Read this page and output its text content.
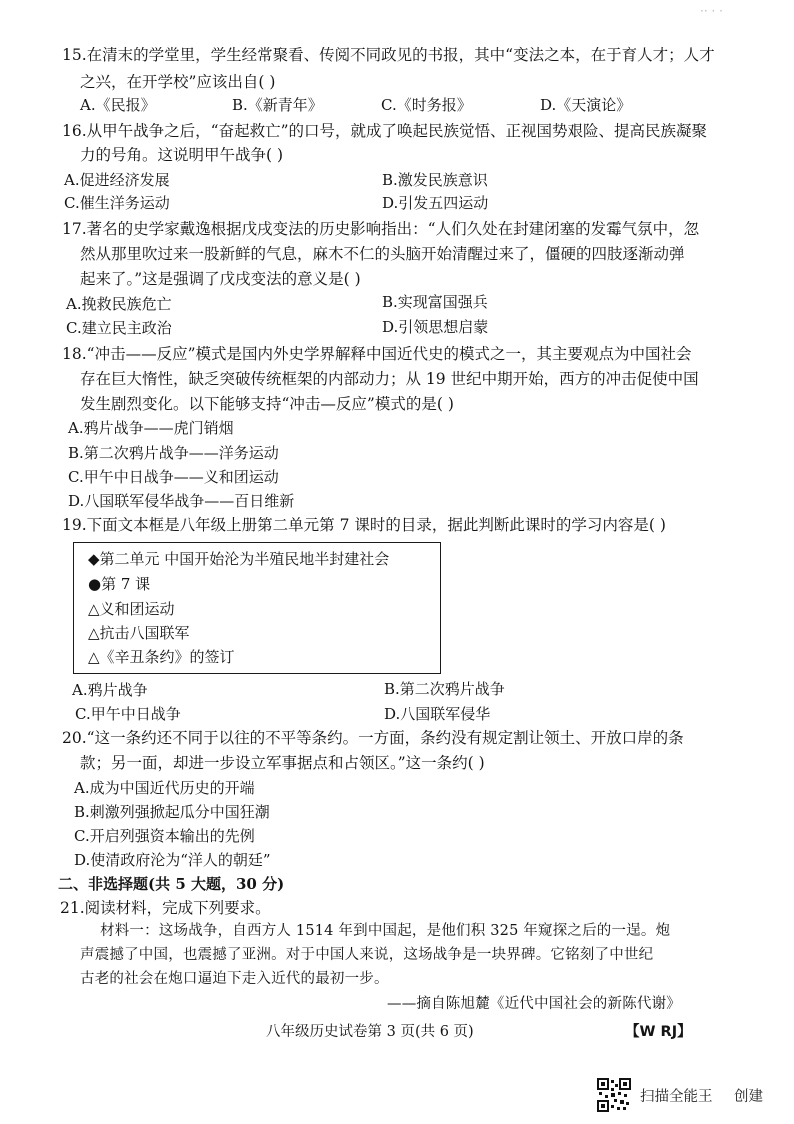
·· · ·
15.在清末的学堂里，学生经常聚看、传阅不同政见的书报，其中“变法之本，在于育人才；人才
之兴，在开学校”应该出自( )
A.《民报》	B.《新青年》	C.《时务报》	D.《天演论》
16.从甲午战争之后，“奋起救亡”的口号，就成了唤起民族觉悟、正视国势艰险、提高民族凝聚
力的号角。这说明甲午战争( )
A.促进经济发展	B.激发民族意识
C.催生洋务运动	D.引发五四运动
17.著名的史学家戴逸根据戊戌变法的历史影响指出：“人们久处在封建闭塞的发霉气氛中，忽
然从那里吹过来一股新鲜的气息，麻木不仁的头脑开始清醒过来了，僵硬的四肢逐渐动弹
起来了。”这是强调了戊戌变法的意义是( )
A.挽救民族危亡	B.实现富国强兵
C.建立民主政治	D.引领思想启蒙
18.“冲击——反应”模式是国内外史学界解释中国近代史的模式之一，其主要观点为中国社会
存在巨大惰性，缺乏突破传统框架的内部动力；从 19 世纪中期开始，西方的冲击促使中国
发生剧烈变化。以下能够支持“冲击—反应”模式的是( )
A.鸦片战争——虎门销烟
B.第二次鸦片战争——洋务运动
C.甲午中日战争——义和团运动
D.八国联军侵华战争——百日维新
19.下面文本框是八年级上册第二单元第 7 课时的目录，据此判断此课时的学习内容是( )
◆第二单元 中国开始沦为半殖民地半封建社会
●第 7 课
△义和团运动
△抗击八国联军
△《辛丑条约》的签订
A.鸦片战争	B.第二次鸦片战争
C.甲午中日战争	D.八国联军侵华
20.“这一条约还不同于以往的不平等条约。一方面，条约没有规定割让领土、开放口岸的条
款；另一面，却进一步设立军事据点和占领区。”这一条约( )
A.成为中国近代历史的开端
B.刺激列强掀起瓜分中国狂潮
C.开启列强资本输出的先例
D.使清政府沦为“洋人的朝廷”
二、非选择题(共 5 大题，30 分)
21.阅读材料，完成下列要求。
材料一：这场战争，自西方人 1514 年到中国起，是他们积 325 年窥探之后的一逞。炮
声震撼了中国，也震撼了亚洲。对于中国人来说，这场战争是一块界碑。它铭刻了中世纪
古老的社会在炮口逼迫下走入近代的最初一步。
——摘自陈旭麓《近代中国社会的新陈代谢》
八年级历史试卷第 3 页(共 6 页)	【W RJ】
扫描全能王 创建
